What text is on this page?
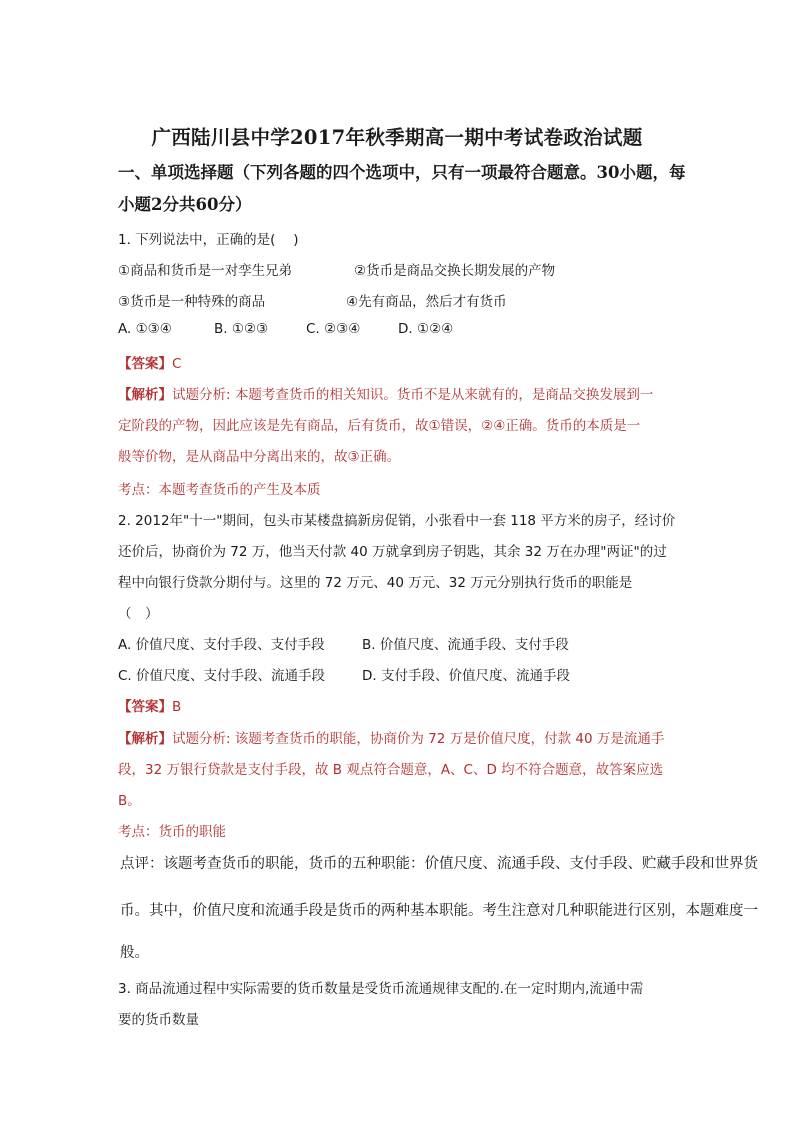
广西陆川县中学2017年秋季期高一期中考试卷政治试题
一、单项选择题（下列各题的四个选项中，只有一项最符合题意。30小题，每
小题2分共60分）
1. 下列说法中，正确的是(　 )
①商品和货币是一对孪生兄弟	②货币是商品交换长期发展的产物
③货币是一种特殊的商品	④先有商品，然后才有货币
A. ①③④	B. ①②③	C. ②③④	D. ①②④
【答案】C
【解析】试题分析: 本题考查货币的相关知识。货币不是从来就有的，是商品交换发展到一
定阶段的产物，因此应该是先有商品，后有货币，故①错误，②④正确。货币的本质是一
般等价物，是从商品中分离出来的，故③正确。
考点：本题考查货币的产生及本质
2. 2012年"十一"期间，包头市某楼盘搞新房促销，小张看中一套 118 平方米的房子，经讨价
还价后，协商价为 72 万，他当天付款 40 万就拿到房子钥匙，其余 32 万在办理"两证"的过
程中向银行贷款分期付与。这里的 72 万元、40 万元、32 万元分别执行货币的职能是
（　）
A. 价值尺度、支付手段、支付手段	B. 价值尺度、流通手段、支付手段
C. 价值尺度、支付手段、流通手段	D. 支付手段、价值尺度、流通手段
【答案】B
【解析】试题分析: 该题考查货币的职能，协商价为 72 万是价值尺度，付款 40 万是流通手
段，32 万银行贷款是支付手段，故 B 观点符合题意，A、C、D 均不符合题意，故答案应选
B。
考点：货币的职能
点评：该题考查货币的职能，货币的五种职能：价值尺度、流通手段、支付手段、贮藏手段和世界货
币。其中，价值尺度和流通手段是货币的两种基本职能。考生注意对几种职能进行区别，本题难度一
般。
3. 商品流通过程中实际需要的货币数量是受货币流通规律支配的.在一定时期内,流通中需
要的货币数量
